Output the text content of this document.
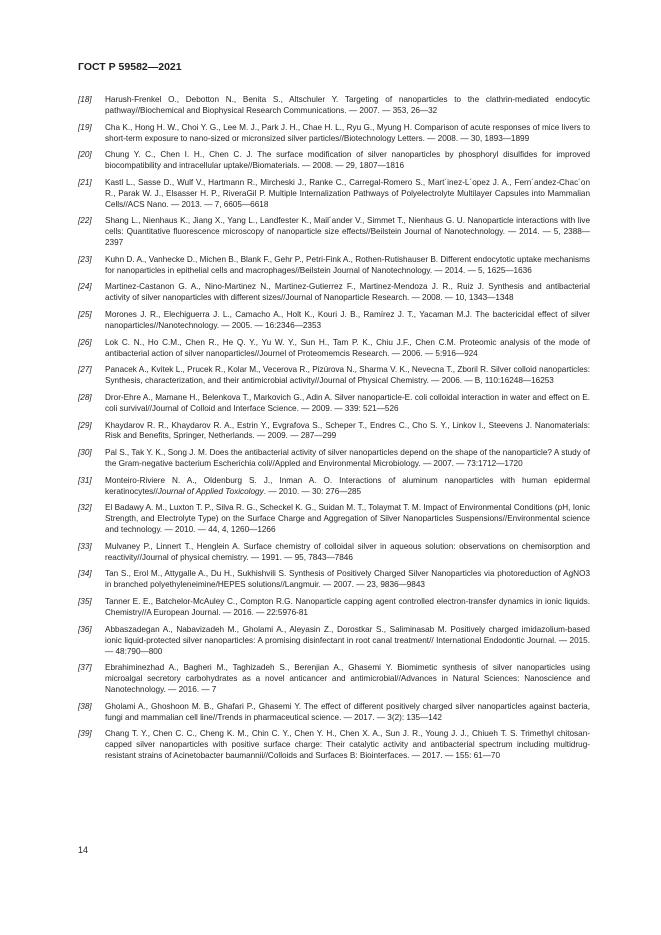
ГОСТ Р 59582—2021
[18]	Harush-Frenkel O., Debotton N., Benita S., Altschuler Y. Targeting of nanoparticles to the clathrin-mediated endocytic pathway//Biochemical and Biophysical Research Communications. — 2007. — 353, 26—32
[19]	Cha K., Hong H. W., Choi Y. G., Lee M. J., Park J. H., Chae H. L., Ryu G., Myung H. Comparison of acute responses of mice livers to short-term exposure to nano-sized or micronsized silver particles//Biotechnology Letters. — 2008. — 30, 1893—1899
[20]	Chung Y. C., Chen I. H., Chen C. J. The surface modification of silver nanoparticles by phosphoryl disulfides for improved biocompatibility and intracellular uptake//Biomaterials. — 2008. — 29, 1807—1816
[21]	Kastl L., Sasse D., Wulf V., Hartmann R., Mircheski J., Ranke C., Carregal-Romero S., Mart´inez-L´opez J. A., Fern´andez-Chac´on R., Parak W. J., Elsasser H. P., RiveraGil P. Multiple Internalization Pathways of Polyelectrolyte Multilayer Capsules into Mammalian Cells//ACS Nano. — 2013. — 7, 6605—6618
[22]	Shang L., Nienhaus K., Jiang X., Yang L., Landfester K., Mail´ander V., Simmet T., Nienhaus G. U. Nanoparticle interactions with live cells: Quantitative fluorescence microscopy of nanoparticle size effects//Beilstein Journal of Nanotechnology. — 2014. — 5, 2388—2397
[23]	Kuhn D. A., Vanhecke D., Michen B., Blank F., Gehr P., Petri-Fink A., Rothen-Rutishauser B. Different endocytotic uptake mechanisms for nanoparticles in epithelial cells and macrophages//Beilstein Journal of Nanotechnology. — 2014. — 5, 1625—1636
[24]	Martinez-Castanon G. A., Nino-Martinez N., Martinez-Gutierrez F., Martinez-Mendoza J. R., Ruiz J. Synthesis and antibacterial activity of silver nanoparticles with different sizes//Journal of Nanoparticle Research. — 2008. — 10, 1343—1348
[25]	Morones J. R., Elechiguerra J. L., Camacho A., Holt K., Kouri J. B., Ramírez J. T., Yacaman M.J. The bactericidal effect of silver nanoparticles//Nanotechnology. — 2005. — 16:2346—2353
[26]	Lok C. N., Ho C.M., Chen R., He Q. Y., Yu W. Y., Sun H., Tam P. K., Chiu J.F., Chen C.M. Proteomic analysis of the mode of antibacterial action of silver nanoparticles//Journel of Proteomemcis Research. — 2006. — 5:916—924
[27]	Panacek A., Kvitek L., Prucek R., Kolar M., Vecerova R., Pizúrova N., Sharma V. K., Nevecna T., Zboril R. Silver colloid nanoparticles: Synthesis, characterization, and their antimicrobial activity//Journal of Physical Chemistry. — 2006. — B, 110:16248—16253
[28]	Dror-Ehre A., Mamane H., Belenkova T., Markovich G., Adin A. Silver nanoparticle-E. coli colloidal interaction in water and effect on E. coli survival//Journal of Colloid and Interface Science. — 2009. — 339: 521—526
[29]	Khaydarov R. R., Khaydarov R. A., Estrin Y., Evgrafova S., Scheper T., Endres C., Cho S. Y., Linkov I., Steevens J. Nanomaterials: Risk and Benefits, Springer, Netherlands. — 2009. — 287—299
[30]	Pal S., Tak Y. K., Song J. M. Does the antibacterial activity of silver nanoparticles depend on the shape of the nanoparticle? A study of the Gram-negative bacterium Escherichia coli//Appled and Environmental Microbiology. — 2007. — 73:1712—1720
[31]	Monteiro-Riviere N. A., Oldenburg S. J., Inman A. O. Interactions of aluminum nanoparticles with human epidermal keratinocytes//Journal of Applied Toxicology. — 2010. — 30: 276—285
[32]	El Badawy A. M., Luxton T. P., Silva R. G., Scheckel K. G., Suidan M. T., Tolaymat T. M. Impact of Environmental Conditions (pH, Ionic Strength, and Electrolyte Type) on the Surface Charge and Aggregation of Silver Nanoparticles Suspensions//Environmental science and technology. — 2010. — 44, 4, 1260—1266
[33]	Mulvaney P., Linnert T., Henglein A. Surface chemistry of colloidal silver in aqueous solution: observations on chemisorption and reactivity//Journal of physical chemistry. — 1991. — 95, 7843—7846
[34]	Tan S., Erol M., Attygalle A., Du H., Sukhishvili S. Synthesis of Positively Charged Silver Nanoparticles via photoreduction of AgNO3 in branched polyethyleneimine/HEPES solutions//Langmuir. — 2007. — 23, 9836—9843
[35]	Tanner E. E., Batchelor-McAuley C., Compton R.G. Nanoparticle capping agent controlled electron-transfer dynamics in ionic liquids. Chemistry//A European Journal. — 2016. — 22:5976-81
[36]	Abbaszadegan A., Nabavizadeh M., Gholami A., Aleyasin Z., Dorostkar S., Saliminasab M. Positively charged imidazolium-based ionic liquid-protected silver nanoparticles: A promising disinfectant in root canal treatment// International Endodontic Journal. — 2015. — 48:790—800
[37]	Ebrahiminezhad A., Bagheri M., Taghizadeh S., Berenjian A., Ghasemi Y. Biomimetic synthesis of silver nanoparticles using microalgal secretory carbohydrates as a novel anticancer and antimicrobial//Advances in Natural Sciences: Nanoscience and Nanotechnology. — 2016. — 7
[38]	Gholami A., Ghoshoon M. B., Ghafari P., Ghasemi Y. The effect of different positively charged silver nanoparticles against bacteria, fungi and mammalian cell line//Trends in pharmaceutical science. — 2017. — 3(2): 135—142
[39]	Chang T. Y., Chen C. C., Cheng K. M., Chin C. Y., Chen Y. H., Chen X. A., Sun J. R., Young J. J., Chiueh T. S. Trimethyl chitosan-capped silver nanoparticles with positive surface charge: Their catalytic activity and antibacterial spectrum including multidrug-resistant strains of Acinetobacter baumannii//Colloids and Surfaces B: Biointerfaces. — 2017. — 155: 61—70
14
